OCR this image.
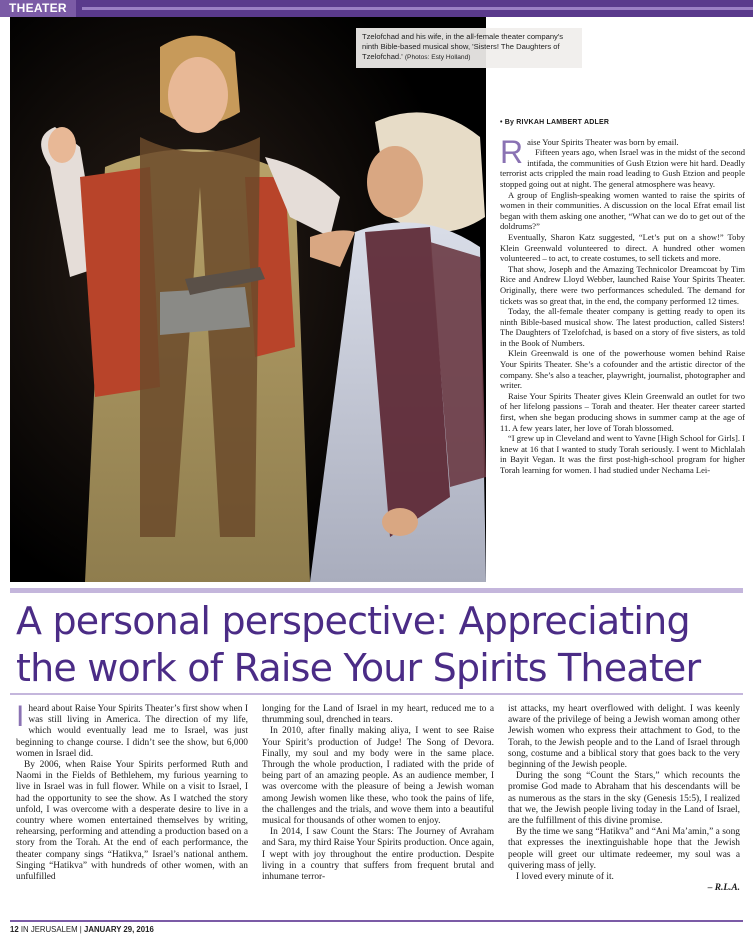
THEATER
Tzelofchad and his wife, in the all-female theater company's ninth Bible-based musical show, 'Sisters! The Daughters of Tzelofchad.' (Photos: Esty Holland)
• By RIVKAH LAMBERT ADLER

Raise Your Spirits Theater was born by email.

Fifteen years ago, when Israel was in the midst of the second intifada, the communities of Gush Etzion were hit hard. Deadly terrorist acts crippled the main road leading to Gush Etzion and people stopped going out at night. The general atmosphere was heavy.

A group of English-speaking women wanted to raise the spirits of women in their communities. A discussion on the local Efrat email list began with them asking one another, “What can we do to get out of the doldrums?”

Eventually, Sharon Katz suggested, “Let’s put on a show!” Toby Klein Greenwald volunteered to direct. A hundred other women volunteered – to act, to create costumes, to sell tickets and more.

That show, Joseph and the Amazing Technicolor Dreamcoat by Tim Rice and Andrew Lloyd Webber, launched Raise Your Spirits Theater. Originally, there were two performances scheduled. The demand for tickets was so great that, in the end, the company performed 12 times.

Today, the all-female theater company is getting ready to open its ninth Bible-based musical show. The latest production, called Sisters! The Daughters of Tzelofchad, is based on a story of five sisters, as told in the Book of Numbers.

Klein Greenwald is one of the powerhouse women behind Raise Your Spirits Theater. She’s a cofounder and the artistic director of the company. She’s also a teacher, playwright, journalist, photographer and writer.

Raise Your Spirits Theater gives Klein Greenwald an outlet for two of her lifelong passions – Torah and theater. Her theater career started first, when she began producing shows in summer camp at the age of 11. A few years later, her love of Torah blossomed.

“I grew up in Cleveland and went to Yavne [High School for Girls]. I knew at 16 that I wanted to study Torah seriously. I went to Michlalah in Bayit Vegan. It was the first post-high-school program for higher Torah learning for women. I had studied under Nechama Lei-

A personal perspective: Appreciating
the work of Raise Your Spirits Theater

Iheard about Raise Your Spirits Theater’s first show when I was still living in America. The direction of my life, which would eventually lead me to Israel, was just beginning to change course. I didn’t see the show, but 6,000 women in Israel did.

By 2006, when Raise Your Spirits performed Ruth and Naomi in the Fields of Bethlehem, my furious yearning to live in Israel was in full flower. While on a visit to Israel, I had the opportunity to see the show. As I watched the story unfold, I was overcome with a desperate desire to live in a country where women entertained themselves by writing, rehearsing, performing and attending a production based on a story from the Torah. At the end of each performance, the theater company sings “Hatikva,” Israel’s national anthem. Singing “Hatikva” with hundreds of other women, with an unfulfilled

longing for the Land of Israel in my heart, reduced me to a thrumming soul, drenched in tears.

In 2010, after finally making aliya, I went to see Raise Your Spirit’s production of Judge! The Song of Devora. Finally, my soul and my body were in the same place. Through the whole production, I radiated with the pride of being part of an amazing people. As an audience member, I was overcome with the pleasure of being a Jewish woman among Jewish women like these, who took the pains of life, the challenges and the trials, and wove them into a beautiful musical for thousands of other women to enjoy.

In 2014, I saw Count the Stars: The Journey of Avraham and Sara, my third Raise Your Spirits production. Once again, I wept with joy throughout the entire production. Despite living in a country that suffers from frequent brutal and inhumane terror-

ist attacks, my heart overflowed with delight. I was keenly aware of the privilege of being a Jewish woman among other Jewish women who express their attachment to God, to the Torah, to the Jewish people and to the Land of Israel through song, costume and a biblical story that goes back to the very beginning of the Jewish people.

During the song “Count the Stars,” which recounts the promise God made to Abraham that his descendants will be as numerous as the stars in the sky (Genesis 15:5), I realized that we, the Jewish people living today in the Land of Israel, are the fulfillment of this divine promise.

By the time we sang “Hatikva” and “Ani Ma’amin,” a song that expresses the inextinguishable hope that the Jewish people will greet our ultimate redeemer, my soul was a quivering mass of jelly.

I loved every minute of it.

– R.L.A.
12 IN JERUSALEM | JANUARY 29, 2016
